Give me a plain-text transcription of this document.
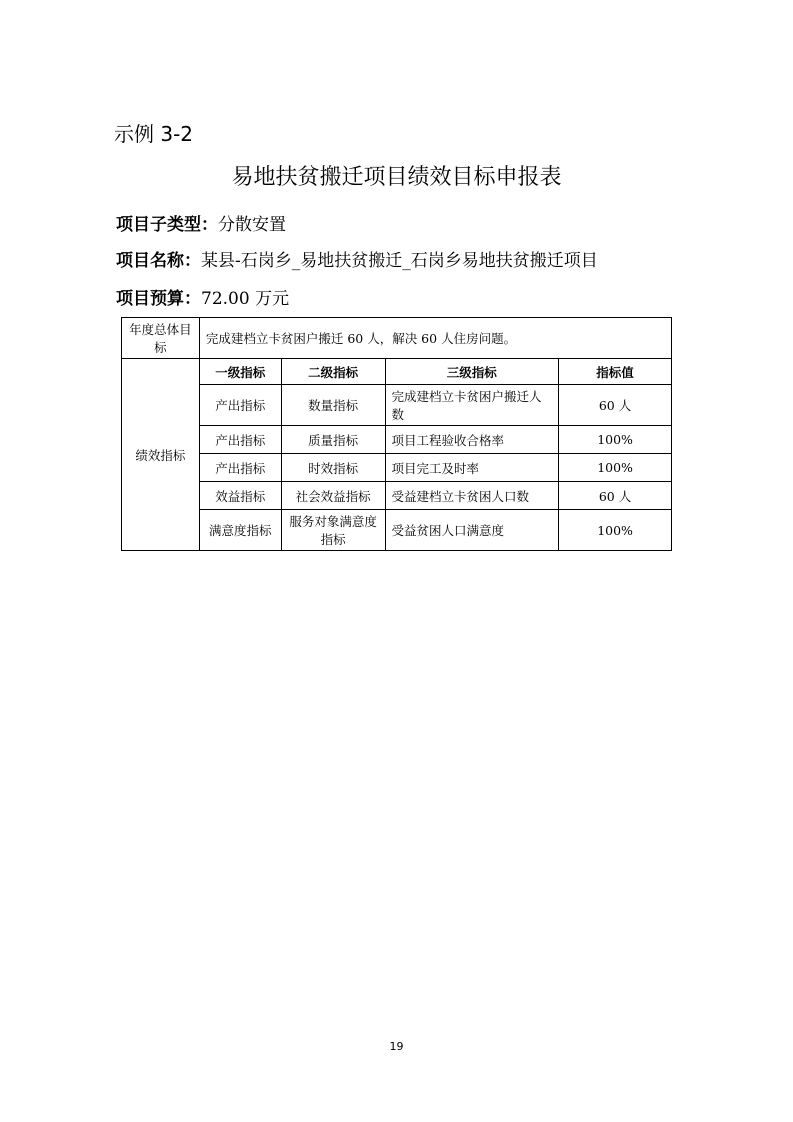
示例 3-2
易地扶贫搬迁项目绩效目标申报表
项目子类型：分散安置
项目名称：某县-石岗乡_易地扶贫搬迁_石岗乡易地扶贫搬迁项目
项目预算：72.00 万元
年度总体目标	完成建档立卡贫困户搬迁 60 人，解决 60 人住房问题。			
绩效指标	一级指标	二级指标	三级指标	指标值
	产出指标	数量指标	完成建档立卡贫困户搬迁人数	60 人
	产出指标	质量指标	项目工程验收合格率	100%
	产出指标	时效指标	项目完工及时率	100%
	效益指标	社会效益指标	受益建档立卡贫困人口数	60 人
	满意度指标	服务对象满意度指标	受益贫困人口满意度	100%
19
